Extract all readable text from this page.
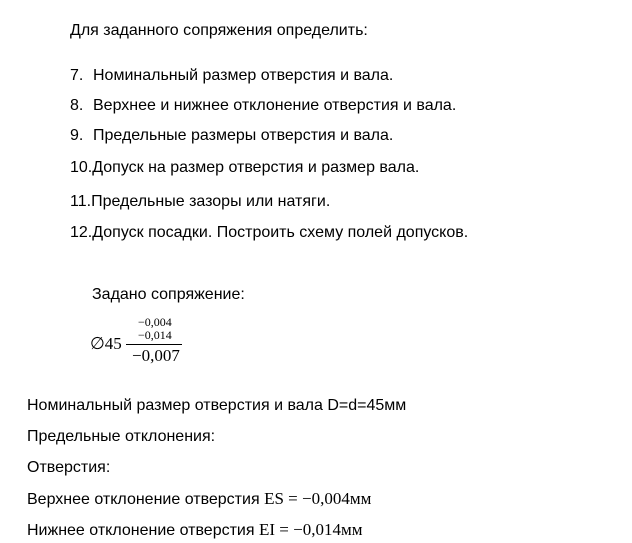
Для заданного сопряжения определить:
7. Номинальный размер отверстия и вала.
8. Верхнее и нижнее отклонение отверстия и вала.
9. Предельные размеры отверстия и вала.
10.Допуск на размер отверстия и размер вала.
11.Предельные зазоры или натяги.
12.Допуск посадки. Построить схему полей допусков.
Задано сопряжение:
∅45
−0,004
−0,014
−0,007
Номинальный размер отверстия и вала D=d=45мм
Предельные отклонения:
Отверстия:
Верхнее отклонение отверстия ES = −0,004мм
Нижнее отклонение отверстия EI = −0,014мм
